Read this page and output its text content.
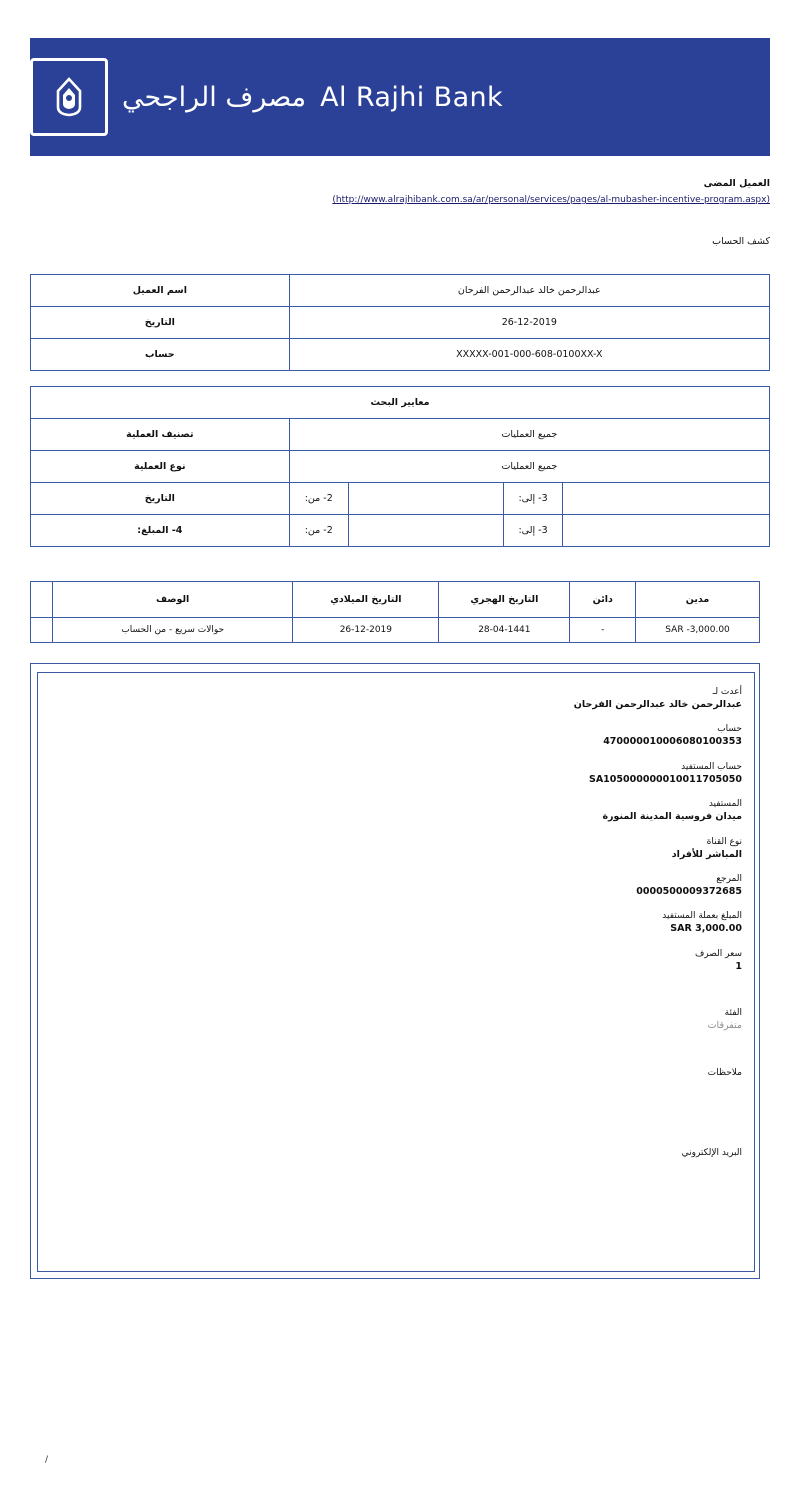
Al Rajhi Bank
مصرف الراجحي
العميل المضى
(http://www.alrajhibank.com.sa/ar/personal/services/pages/al-mubasher-incentive-program.aspx)
كشف الحساب
عبدالرحمن خالد عبدالرحمن الفرحان	اسم العميل
26-12-2019	التاريخ
XXXXX-001-000-608-0100XX-X	حساب
معايير البحث				
جميع العمليات				تصنيف العملية
جميع العمليات				نوع العملية
	3- إلى:		2- من:	التاريخ
	3- إلى:		2- من:	4- المبلغ:
مدين	دائن	التاريخ الهجري	التاريخ الميلادي	الوصف	
SAR -3,000.00	-	28-04-1441	26-12-2019	حوالات سريع - من الحساب	
أعدت لـ
عبدالرحمن خالد عبدالرحمن الفرحان
حساب
470000010006080100353
حساب المستفيد
SA105000000010011705050
المستفيد
ميدان فروسية المدينة المنورة
نوع القناة
المباشر للأفراد
المرجع
0000500009372685
المبلغ بعملة المستفيد
SAR 3,000.00
سعر الصرف
1
الفئة
متفرقات
ملاحظات
البريد الإلكتروني
/
